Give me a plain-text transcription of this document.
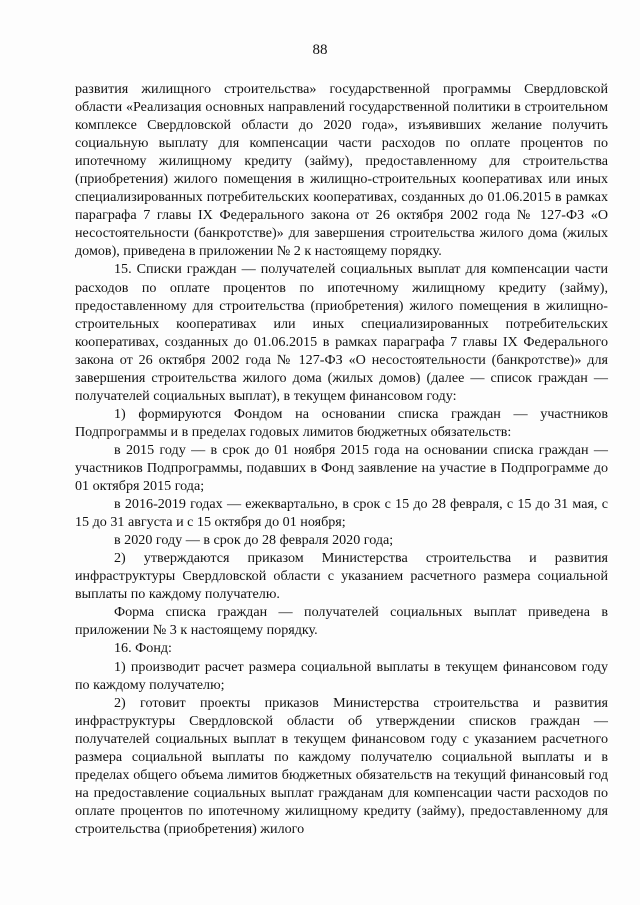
88

развития жилищного строительства» государственной программы Свердловской области «Реализация основных направлений государственной политики в строительном комплексе Свердловской области до 2020 года», изъявивших желание получить социальную выплату для компенсации части расходов по оплате процентов по ипотечному жилищному кредиту (займу), предоставленному для строительства (приобретения) жилого помещения в жилищно-строительных кооперативах или иных специализированных потребительских кооперативах, созданных до 01.06.2015 в рамках параграфа 7 главы IX Федерального закона от 26 октября 2002 года № 127-ФЗ «О несостоятельности (банкротстве)» для завершения строительства жилого дома (жилых домов), приведена в приложении № 2 к настоящему порядку.

15. Списки граждан — получателей социальных выплат для компенсации части расходов по оплате процентов по ипотечному жилищному кредиту (займу), предоставленному для строительства (приобретения) жилого помещения в жилищно-строительных кооперативах или иных специализированных потребительских кооперативах, созданных до 01.06.2015 в рамках параграфа 7 главы IX Федерального закона от 26 октября 2002 года № 127-ФЗ «О несостоятельности (банкротстве)» для завершения строительства жилого дома (жилых домов) (далее — список граждан — получателей социальных выплат), в текущем финансовом году:

1) формируются Фондом на основании списка граждан — участников Подпрограммы и в пределах годовых лимитов бюджетных обязательств:

в 2015 году — в срок до 01 ноября 2015 года на основании списка граждан — участников Подпрограммы, подавших в Фонд заявление на участие в Подпрограмме до 01 октября 2015 года;

в 2016-2019 годах — ежеквартально, в срок с 15 до 28 февраля, с 15 до 31 мая, с 15 до 31 августа и с 15 октября до 01 ноября;

в 2020 году — в срок до 28 февраля 2020 года;

2) утверждаются приказом Министерства строительства и развития инфраструктуры Свердловской области с указанием расчетного размера социальной выплаты по каждому получателю.

Форма списка граждан — получателей социальных выплат приведена в приложении № 3 к настоящему порядку.

16. Фонд:

1) производит расчет размера социальной выплаты в текущем финансовом году по каждому получателю;

2) готовит проекты приказов Министерства строительства и развития инфраструктуры Свердловской области об утверждении списков граждан — получателей социальных выплат в текущем финансовом году с указанием расчетного размера социальной выплаты по каждому получателю социальной выплаты и в пределах общего объема лимитов бюджетных обязательств на текущий финансовый год на предоставление социальных выплат гражданам для компенсации части расходов по оплате процентов по ипотечному жилищному кредиту (займу), предоставленному для строительства (приобретения) жилого
